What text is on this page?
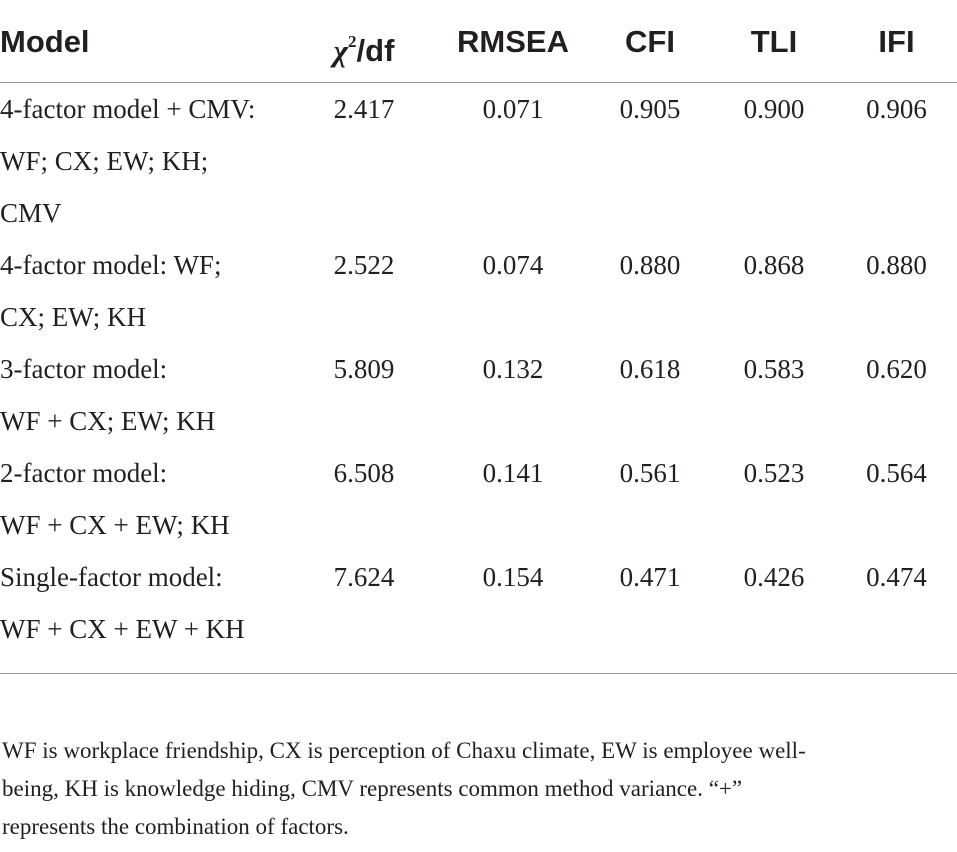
Model	$\chi^2/df$	RMSEA	CFI	TLI	IFI

4-factor model + CMV:
WF; CX; EW; KH;
CMV	2.417	0.071	0.905	0.900	0.906

4-factor model: WF;
CX; EW; KH	2.522	0.074	0.880	0.868	0.880

3-factor model:
WF + CX; EW; KH	5.809	0.132	0.618	0.583	0.620

2-factor model:
WF + CX + EW; KH	6.508	0.141	0.561	0.523	0.564

Single-factor model:
WF + CX + EW + KH	7.624	0.154	0.471	0.426	0.474
WF is workplace friendship, CX is perception of Chaxu climate, EW is employee well-
being, KH is knowledge hiding, CMV represents common method variance. “+”
represents the combination of factors.
